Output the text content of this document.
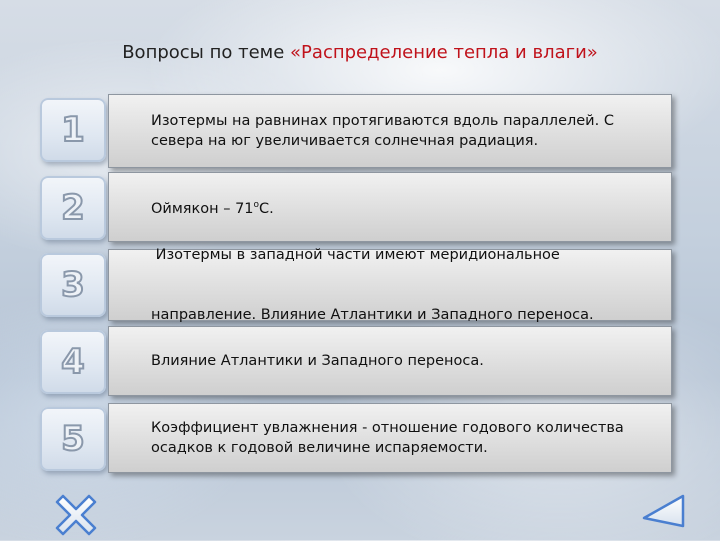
Вопросы по теме «Распределение тепла и влаги»
1	Изотермы на равнинах протягиваются вдоль параллелей. С
севера на юг увеличивается солнечная радиация.
2	Оймякон – $71^оС$.
3

Изотермы в западной части имеют меридиональное

направление. Влияние Атлантики и Западного переноса.

4	Влияние Атлантики и Западного переноса.
5	Коэффициент увлажнения - отношение годового количества
осадков к годовой величине испаряемости.
